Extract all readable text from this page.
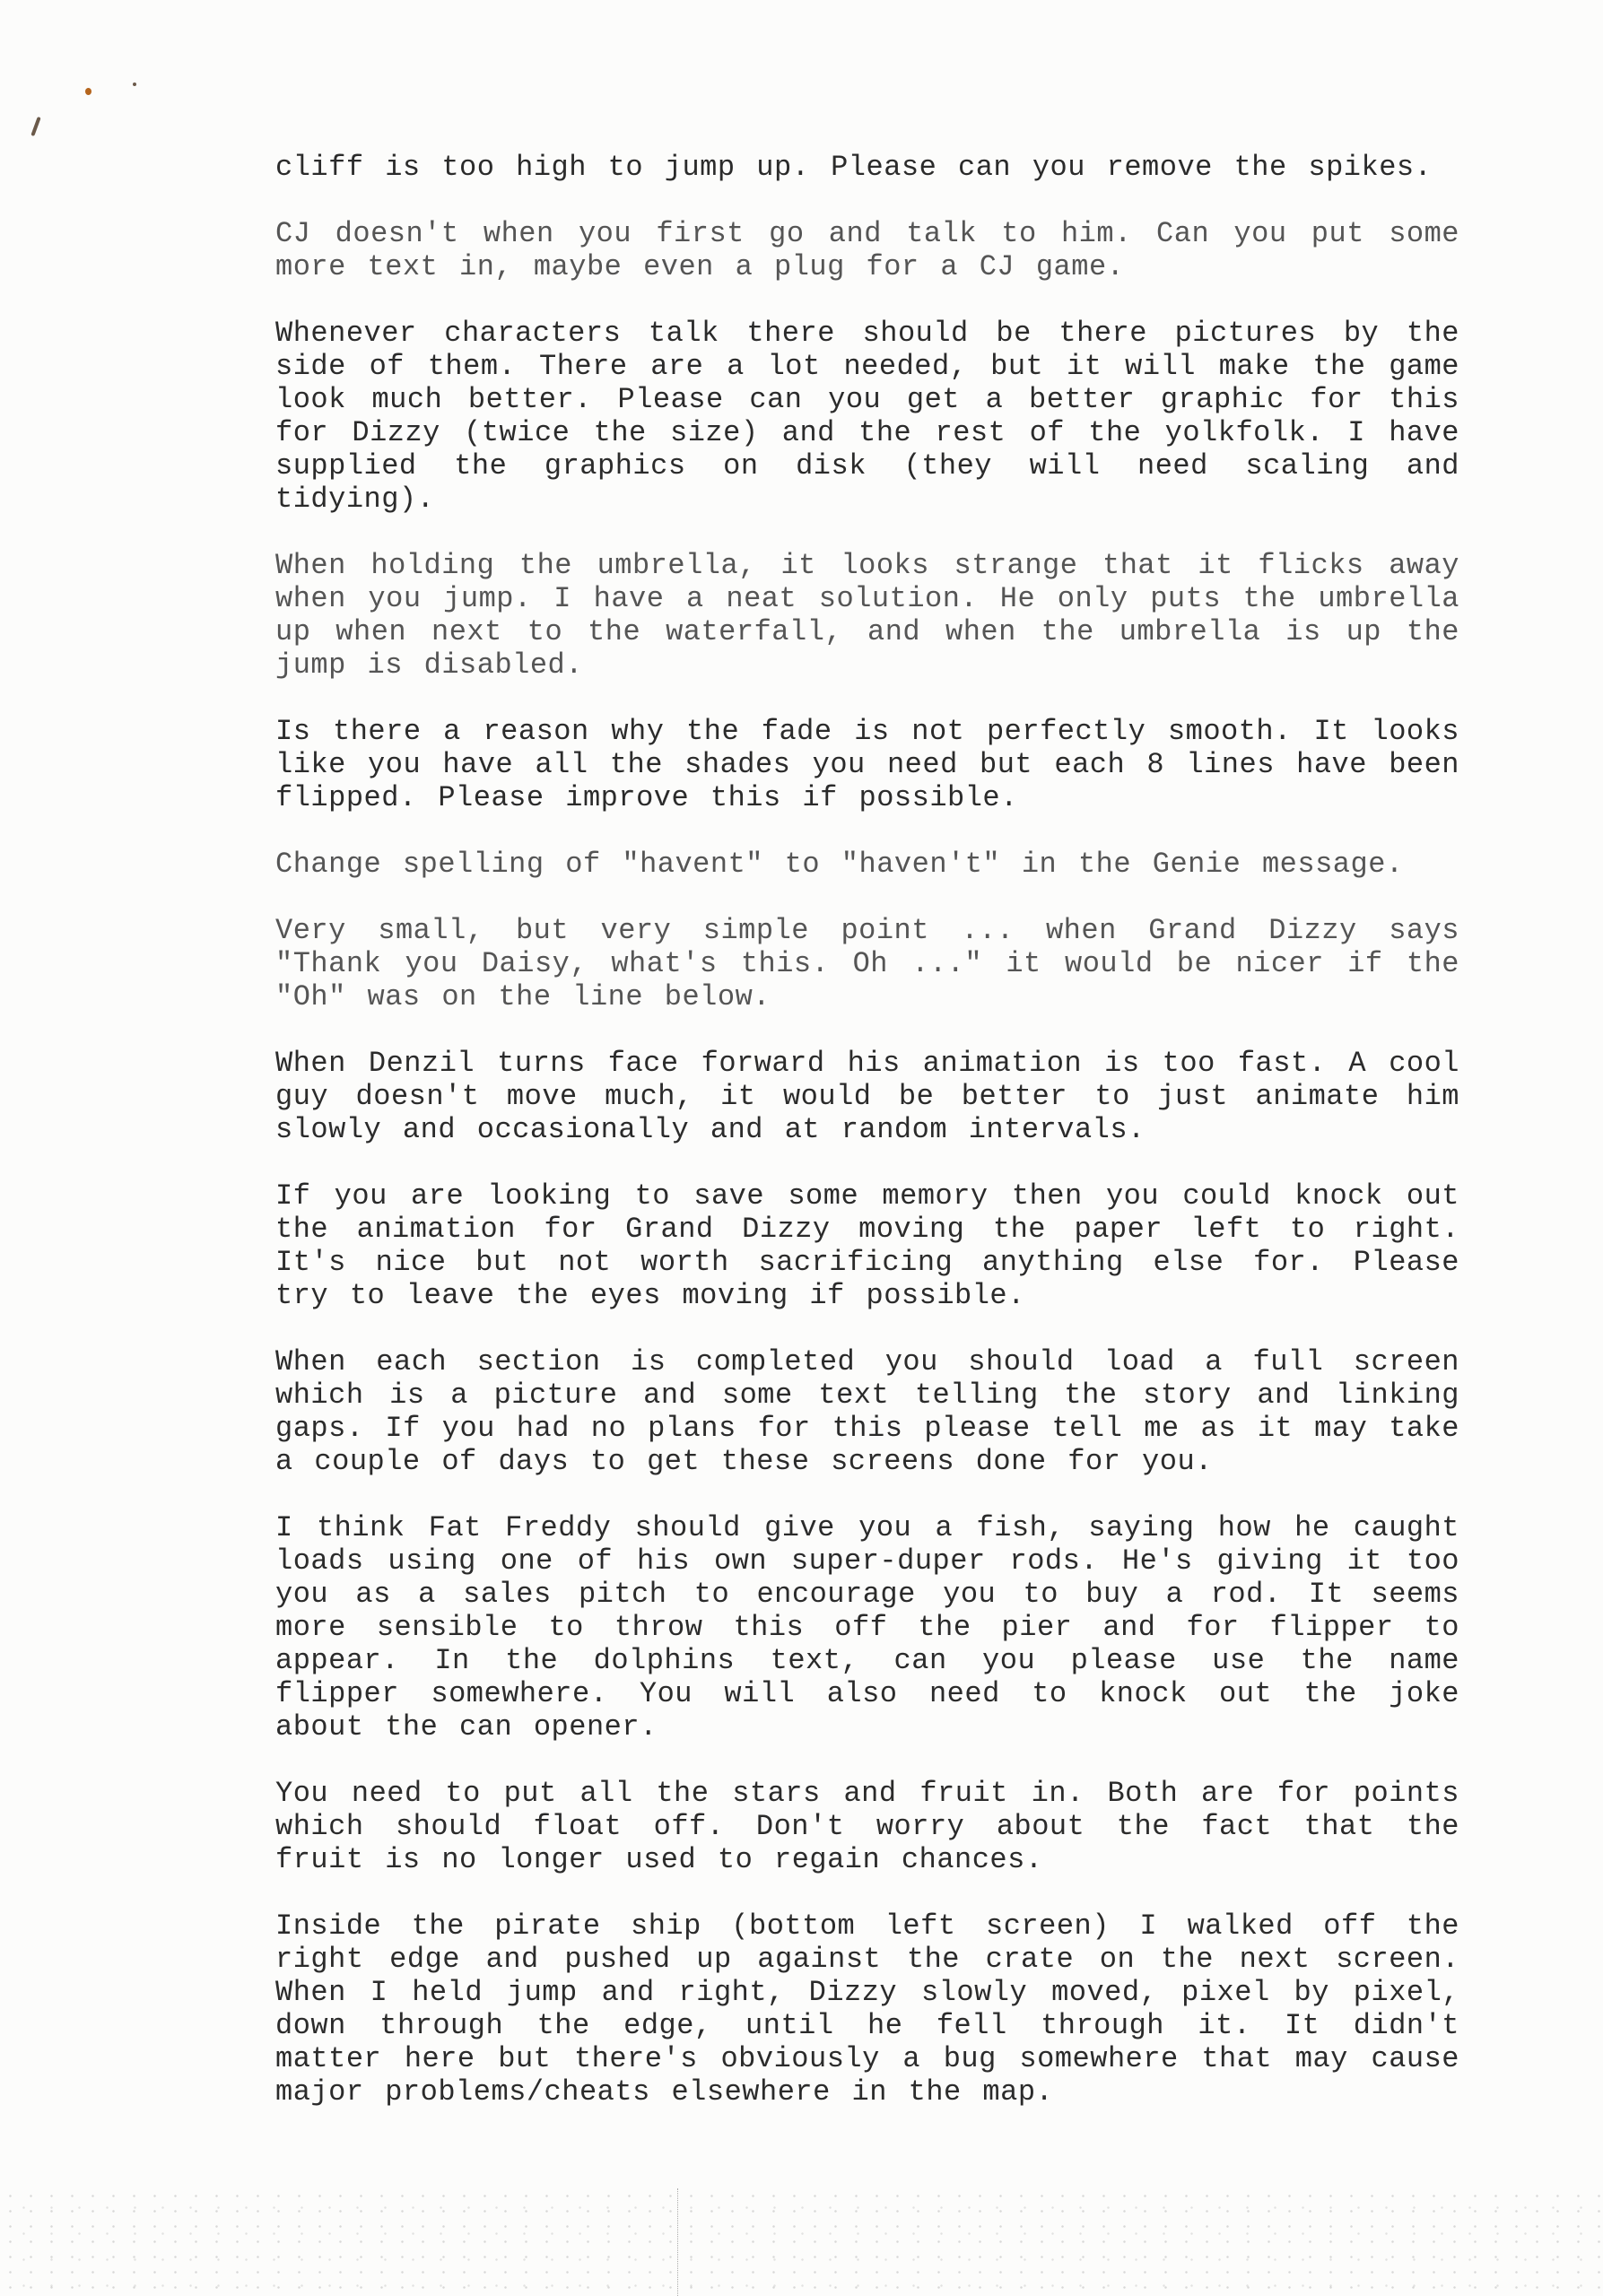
cliff is too high to jump up. Please can you remove the spikes.

CJ doesn't when you first go and talk to him. Can you put some more text in, maybe even a plug for a CJ game.

Whenever characters talk there should be there pictures by the side of them. There are a lot needed, but it will make the game look much better. Please can you get a better graphic for this for Dizzy (twice the size) and the rest of the yolkfolk. I have supplied the graphics on disk (they will need scaling and tidying).

When holding the umbrella, it looks strange that it flicks away when you jump. I have a neat solution. He only puts the umbrella up when next to the waterfall, and when the umbrella is up the jump is disabled.

Is there a reason why the fade is not perfectly smooth. It looks like you have all the shades you need but each 8 lines have been flipped. Please improve this if possible.

Change spelling of "havent" to "haven't" in the Genie message.

Very small, but very simple point ... when Grand Dizzy says "Thank you Daisy, what's this. Oh ..." it would be nicer if the "Oh" was on the line below.

When Denzil turns face forward his animation is too fast. A cool guy doesn't move much, it would be better to just animate him slowly and occasionally and at random intervals.

If you are looking to save some memory then you could knock out the animation for Grand Dizzy moving the paper left to right. It's nice but not worth sacrificing anything else for. Please try to leave the eyes moving if possible.

When each section is completed you should load a full screen which is a picture and some text telling the story and linking gaps. If you had no plans for this please tell me as it may take a couple of days to get these screens done for you.

I think Fat Freddy should give you a fish, saying how he caught loads using one of his own super-duper rods. He's giving it too you as a sales pitch to encourage you to buy a rod. It seems more sensible to throw this off the pier and for flipper to appear. In the dolphins text, can you please use the name flipper somewhere. You will also need to knock out the joke about the can opener.

You need to put all the stars and fruit in. Both are for points which should float off. Don't worry about the fact that the fruit is no longer used to regain chances.

Inside the pirate ship (bottom left screen) I walked off the right edge and pushed up against the crate on the next screen. When I held jump and right, Dizzy slowly moved, pixel by pixel, down through the edge, until he fell through it. It didn't matter here but there's obviously a bug somewhere that may cause major problems/cheats elsewhere in the map.
